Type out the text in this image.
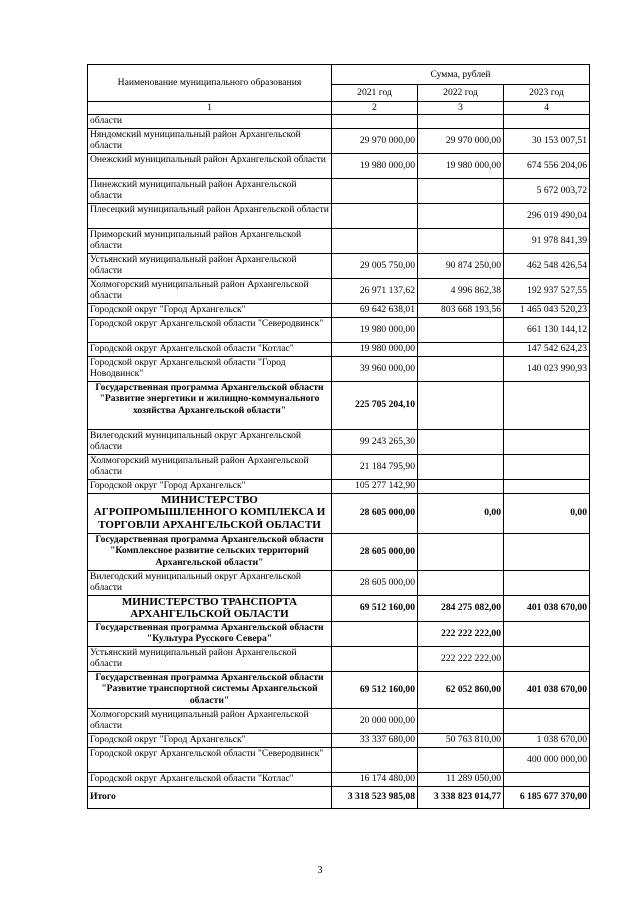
Наименование муниципального образования	Сумма, рублей		
	2021 год	2022 год	2023 год
1	2	3	4
области			
Няндомский муниципальный район Архангельской области	29 970 000,00	29 970 000,00	30 153 007,51
Онежский муниципальный район Архангельской области	19 980 000,00	19 980 000,00	674 556 204,06
Пинежский муниципальный район Архангельской области			5 672 003,72
Плесецкий муниципальный район Архангельской области			296 019 490,04
Приморский муниципальный район Архангельской области			91 978 841,39
Устьянский муниципальный район Архангельской области	29 005 750,00	90 874 250,00	462 548 426,54
Холмогорский муниципальный район Архангельской области	26 971 137,62	4 996 862,38	192 937 527,55
Городской округ "Город Архангельск"	69 642 638,01	803 668 193,56	1 465 043 520,23
Городской округ Архангельской области "Северодвинск"	19 980 000,00		661 130 144,12
Городской округ Архангельской области "Котлас"	19 980 000,00		147 542 624,23
Городской округ Архангельской области "Город Новодвинск"	39 960 000,00		140 023 990,93
Государственная программа Архангельской области "Развитие энергетики и жилищно-коммунального хозяйства Архангельской области"	225 705 204,10		
Вилегодский муниципальный округ Архангельской области	99 243 265,30		
Холмогорский муниципальный район Архангельской области	21 184 795,90		
Городской округ "Город Архангельск"	105 277 142,90		
МИНИСТЕРСТВО АГРОПРОМЫШЛЕННОГО КОМПЛЕКСА И ТОРГОВЛИ АРХАНГЕЛЬСКОЙ ОБЛАСТИ	28 605 000,00	0,00	0,00
Государственная программа Архангельской области "Комплексное развитие сельских территорий Архангельской области"	28 605 000,00		
Вилегодский муниципальный округ Архангельской области	28 605 000,00		
МИНИСТЕРСТВО ТРАНСПОРТА АРХАНГЕЛЬСКОЙ ОБЛАСТИ	69 512 160,00	284 275 082,00	401 038 670,00
Государственная программа Архангельской области "Культура Русского Севера"		222 222 222,00	
Устьянский муниципальный район Архангельской области		222 222 222,00	
Государственная программа Архангельской области "Развитие транспортной системы Архангельской области"	69 512 160,00	62 052 860,00	401 038 670,00
Холмогорский муниципальный район Архангельской области	20 000 000,00		
Городской округ "Город Архангельск"	33 337 680,00	50 763 810,00	1 038 670,00
Городской округ Архангельской области "Северодвинск"			400 000 000,00
Городской округ Архангельской области "Котлас"	16 174 480,00	11 289 050,00	
Итого	3 318 523 985,08	3 338 823 014,77	6 185 677 370,00
3
